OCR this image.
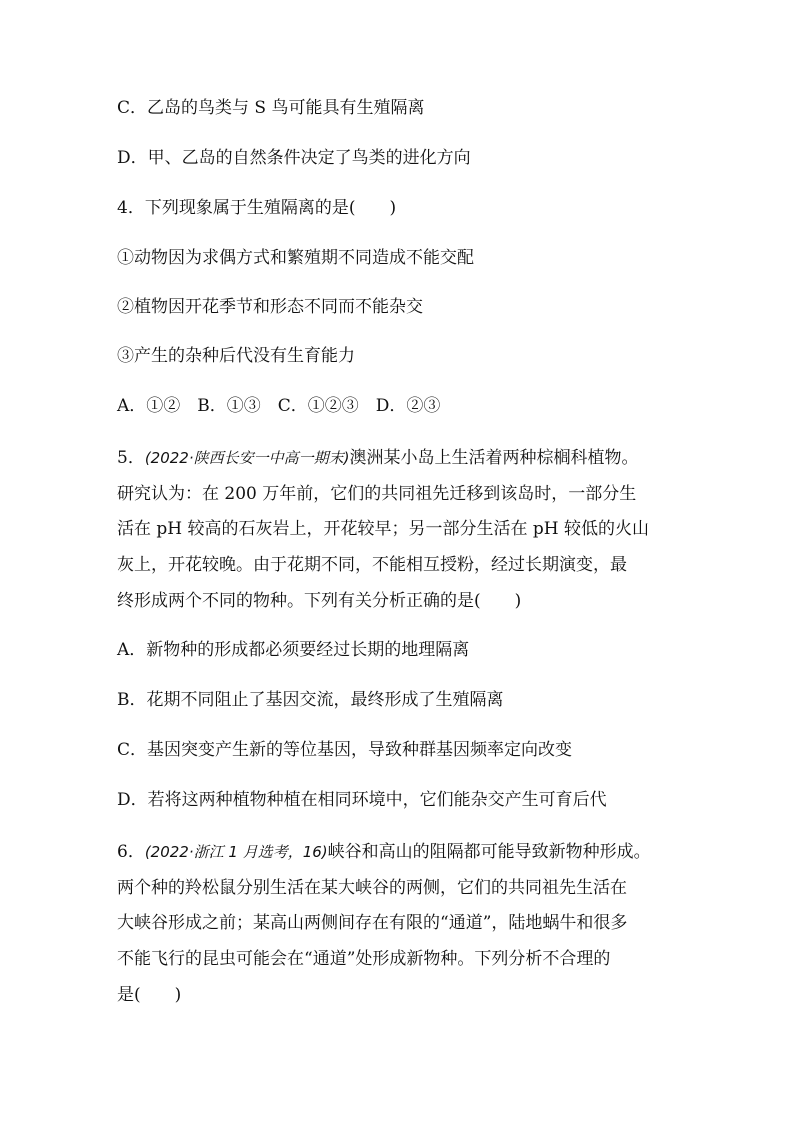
C．乙岛的鸟类与 S 鸟可能具有生殖隔离
D．甲、乙岛的自然条件决定了鸟类的进化方向
4．下列现象属于生殖隔离的是(　　)
①动物因为求偶方式和繁殖期不同造成不能交配
②植物因开花季节和形态不同而不能杂交
③产生的杂种后代没有生育能力
A．①②　B．①③　C．①②③　D．②③
5．(2022·陕西长安一中高一期末)澳洲某小岛上生活着两种棕榈科植物。
研究认为：在 200 万年前，它们的共同祖先迁移到该岛时，一部分生
活在 pH 较高的石灰岩上，开花较早；另一部分生活在 pH 较低的火山
灰上，开花较晚。由于花期不同，不能相互授粉，经过长期演变，最
终形成两个不同的物种。下列有关分析正确的是(　　)
A．新物种的形成都必须要经过长期的地理隔离
B．花期不同阻止了基因交流，最终形成了生殖隔离
C．基因突变产生新的等位基因，导致种群基因频率定向改变
D．若将这两种植物种植在相同环境中，它们能杂交产生可育后代
6．(2022·浙江 1 月选考，16)峡谷和高山的阻隔都可能导致新物种形成。
两个种的羚松鼠分别生活在某大峡谷的两侧，它们的共同祖先生活在
大峡谷形成之前；某高山两侧间存在有限的“通道”，陆地蜗牛和很多
不能飞行的昆虫可能会在“通道”处形成新物种。下列分析不合理的
是(　　)
